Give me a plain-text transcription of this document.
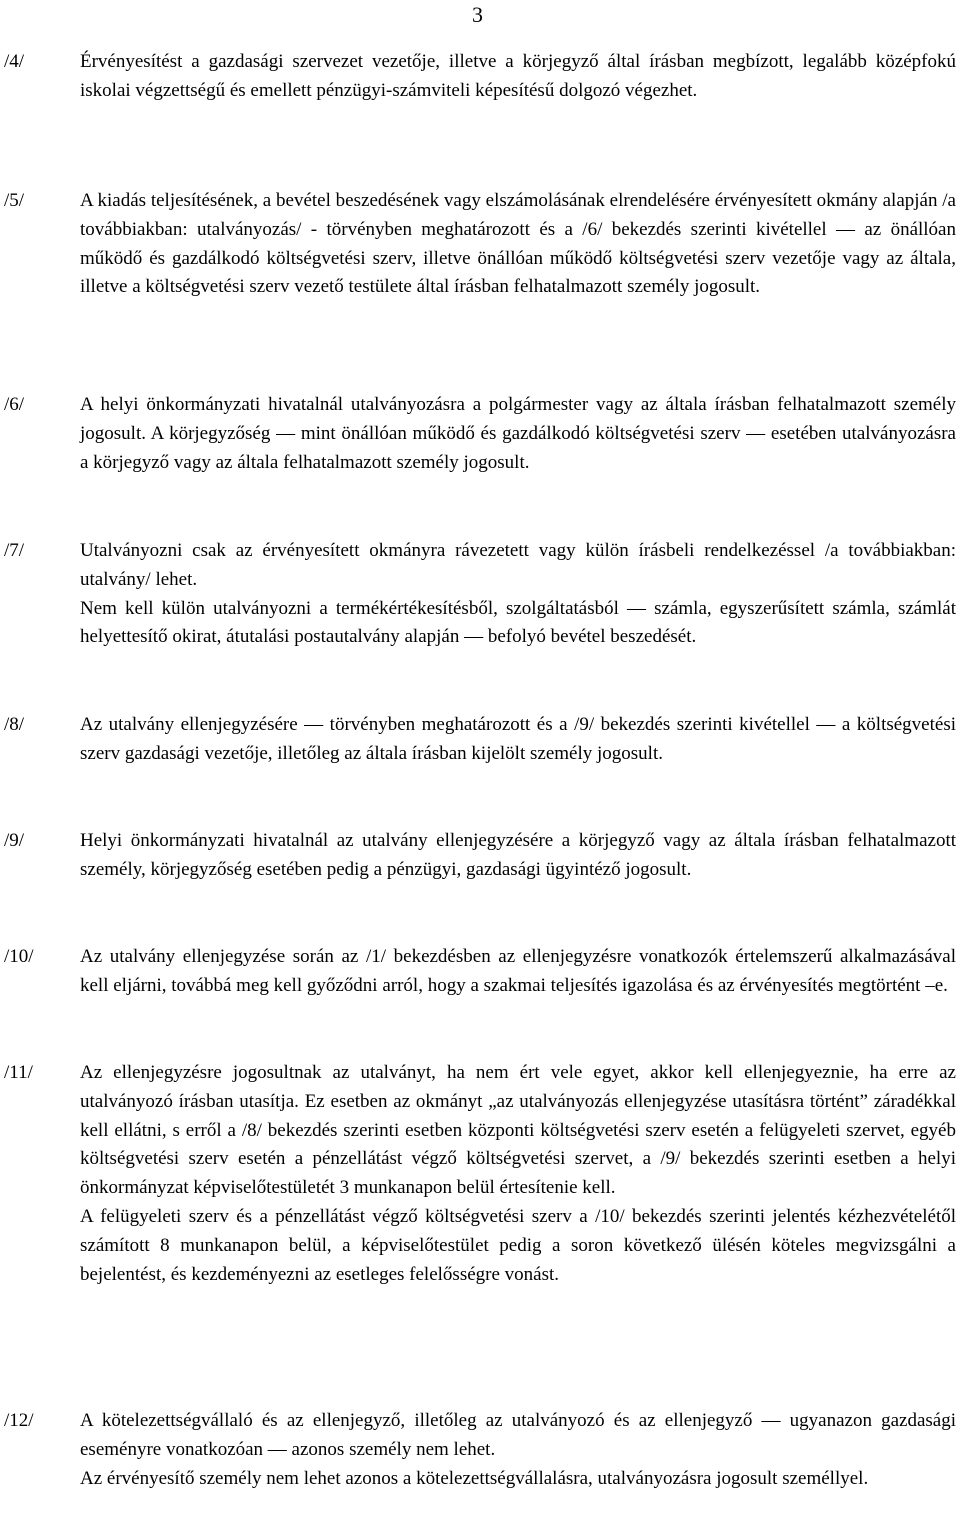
3
/4/	Érvényesítést a gazdasági szervezet vezetője, illetve a körjegyző által írásban megbízott, legalább középfokú iskolai végzettségű és emellett pénzügyi-számviteli képesítésű dolgozó végezhet.

/5/	A kiadás teljesítésének, a bevétel beszedésének vagy elszámolásának elrendelésére érvényesített okmány alapján /a továbbiakban: utalványozás/ - törvényben meghatározott és a /6/ bekezdés szerinti kivétellel — az önállóan működő és gazdálkodó költségvetési szerv, illetve önállóan működő költségvetési szerv vezetője vagy az általa, illetve a költségvetési szerv vezető testülete által írásban felhatalmazott személy jogosult.

/6/	A helyi önkormányzati hivatalnál utalványozásra a polgármester vagy az általa írásban felhatalmazott személy jogosult. A körjegyzőség — mint önállóan működő és gazdálkodó költségvetési szerv — esetében utalványozásra a körjegyző vagy az általa felhatalmazott személy jogosult.

/7/	Utalványozni csak az érvényesített okmányra rávezetett vagy külön írásbeli rendelkezéssel /a továbbiakban: utalvány/ lehet.

Nem kell külön utalványozni a termékértékesítésből, szolgáltatásból — számla, egyszerűsített számla, számlát helyettesítő okirat, átutalási postautalvány alapján — befolyó bevétel beszedését.

/8/	Az utalvány ellenjegyzésére — törvényben meghatározott és a /9/ bekezdés szerinti kivétellel — a költségvetési szerv gazdasági vezetője, illetőleg az általa írásban kijelölt személy jogosult.

/9/	Helyi önkormányzati hivatalnál az utalvány ellenjegyzésére a körjegyző vagy az általa írásban felhatalmazott személy, körjegyzőség esetében pedig a pénzügyi, gazdasági ügyintéző jogosult.

/10/ Az utalvány ellenjegyzése során az /1/ bekezdésben az ellenjegyzésre vonatkozók értelemszerű alkalmazásával kell eljárni, továbbá meg kell győződni arról, hogy a szakmai teljesítés igazolása és az érvényesítés megtörtént –e.

/11/ Az ellenjegyzésre jogosultnak az utalványt, ha nem ért vele egyet, akkor kell ellenjegyeznie, ha erre az utalványozó írásban utasítja. Ez esetben az okmányt „az utalványozás ellenjegyzése utasításra történt” záradékkal kell ellátni, s erről a /8/ bekezdés szerinti esetben központi költségvetési szerv esetén a felügyeleti szervet, egyéb költségvetési szerv esetén a pénzellátást végző költségvetési szervet, a /9/ bekezdés szerinti esetben a helyi önkormányzat képviselőtestületét 3 munkanapon belül értesítenie kell.

A felügyeleti szerv és a pénzellátást végző költségvetési szerv a /10/ bekezdés szerinti jelentés kézhezvételétől számított 8 munkanapon belül, a képviselőtestület pedig a soron következő ülésén köteles megvizsgálni a bejelentést, és kezdeményezni az esetleges felelősségre vonást.

/12/ A kötelezettségvállaló és az ellenjegyző, illetőleg az utalványozó és az ellenjegyző — ugyanazon gazdasági eseményre vonatkozóan — azonos személy nem lehet.

Az érvényesítő személy nem lehet azonos a kötelezettségvállalásra, utalványozásra jogosult személlyel.
